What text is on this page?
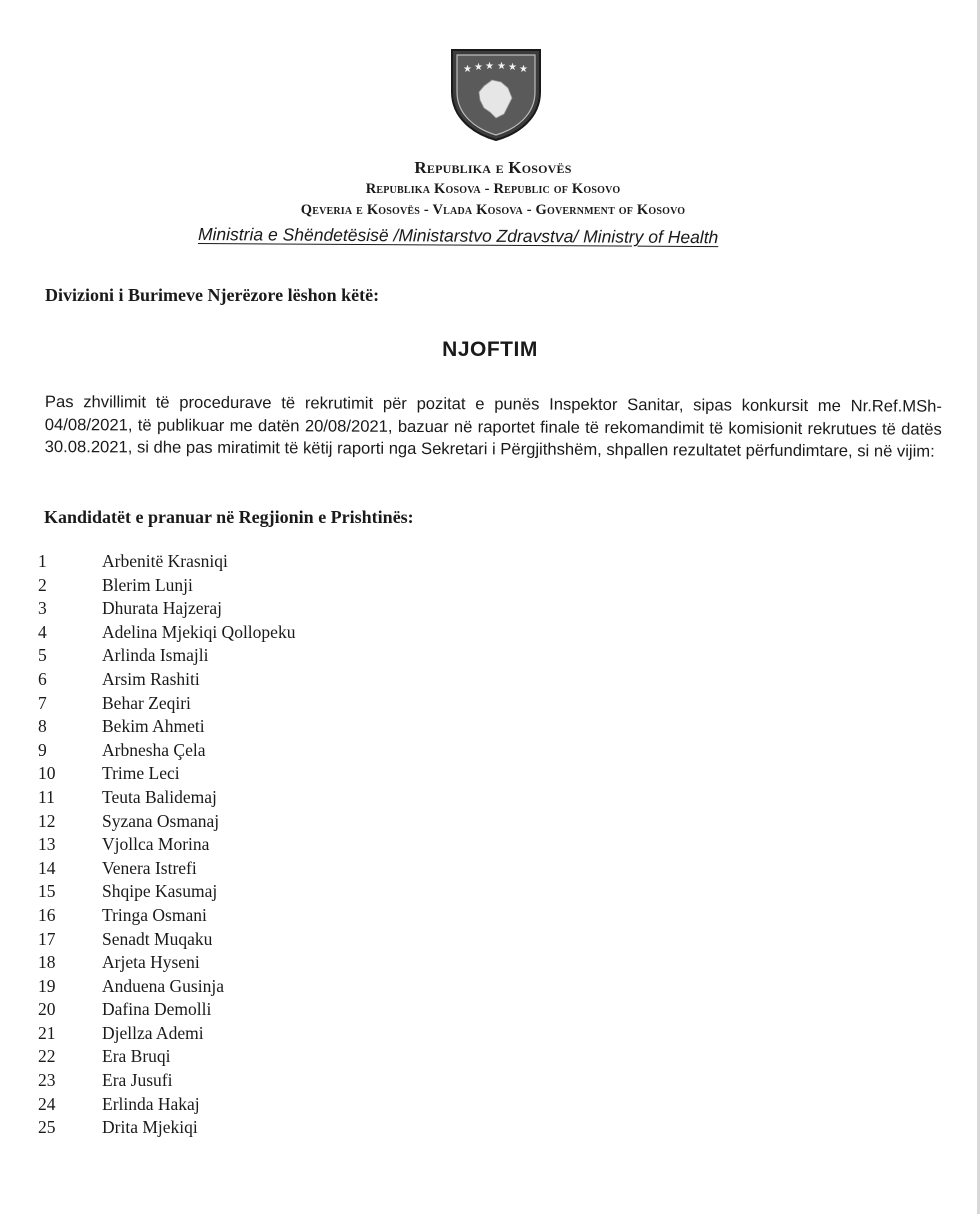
★ ★ ★ ★ ★ ★
Republika e Kosovës
Republika Kosova - Republic of Kosovo
Qeveria e Kosovës - Vlada Kosova - Government of Kosovo
Ministria e Shëndetësisë /Ministarstvo Zdravstva/ Ministry of Health
Divizioni i Burimeve Njerëzore lëshon këtë:
NJOFTIM
Pas zhvillimit të procedurave të rekrutimit për pozitat e punës Inspektor Sanitar, sipas konkursit me Nr.Ref.MSh-04/08/2021, të publikuar me datën 20/08/2021, bazuar në raportet finale të rekomandimit të komisionit rekrutues të datës 30.08.2021, si dhe pas miratimit të këtij raporti nga Sekretari i Përgjithshëm, shpallen rezultatet përfundimtare, si në vijim:
Kandidatët e pranuar në Regjionin e Prishtinës:
1	Arbenitë Krasniqi
2	Blerim Lunji
3	Dhurata Hajzeraj
4	Adelina Mjekiqi Qollopeku
5	Arlinda Ismajli
6	Arsim Rashiti
7	Behar Zeqiri
8	Bekim Ahmeti
9	Arbnesha Çela
10	Trime Leci
11	Teuta Balidemaj
12	Syzana Osmanaj
13	Vjollca Morina
14	Venera Istrefi
15	Shqipe Kasumaj
16	Tringa Osmani
17	Senadt Muqaku
18	Arjeta Hyseni
19	Anduena Gusinja
20	Dafina Demolli
21	Djellza Ademi
22	Era Bruqi
23	Era Jusufi
24	Erlinda Hakaj
25	Drita Mjekiqi
